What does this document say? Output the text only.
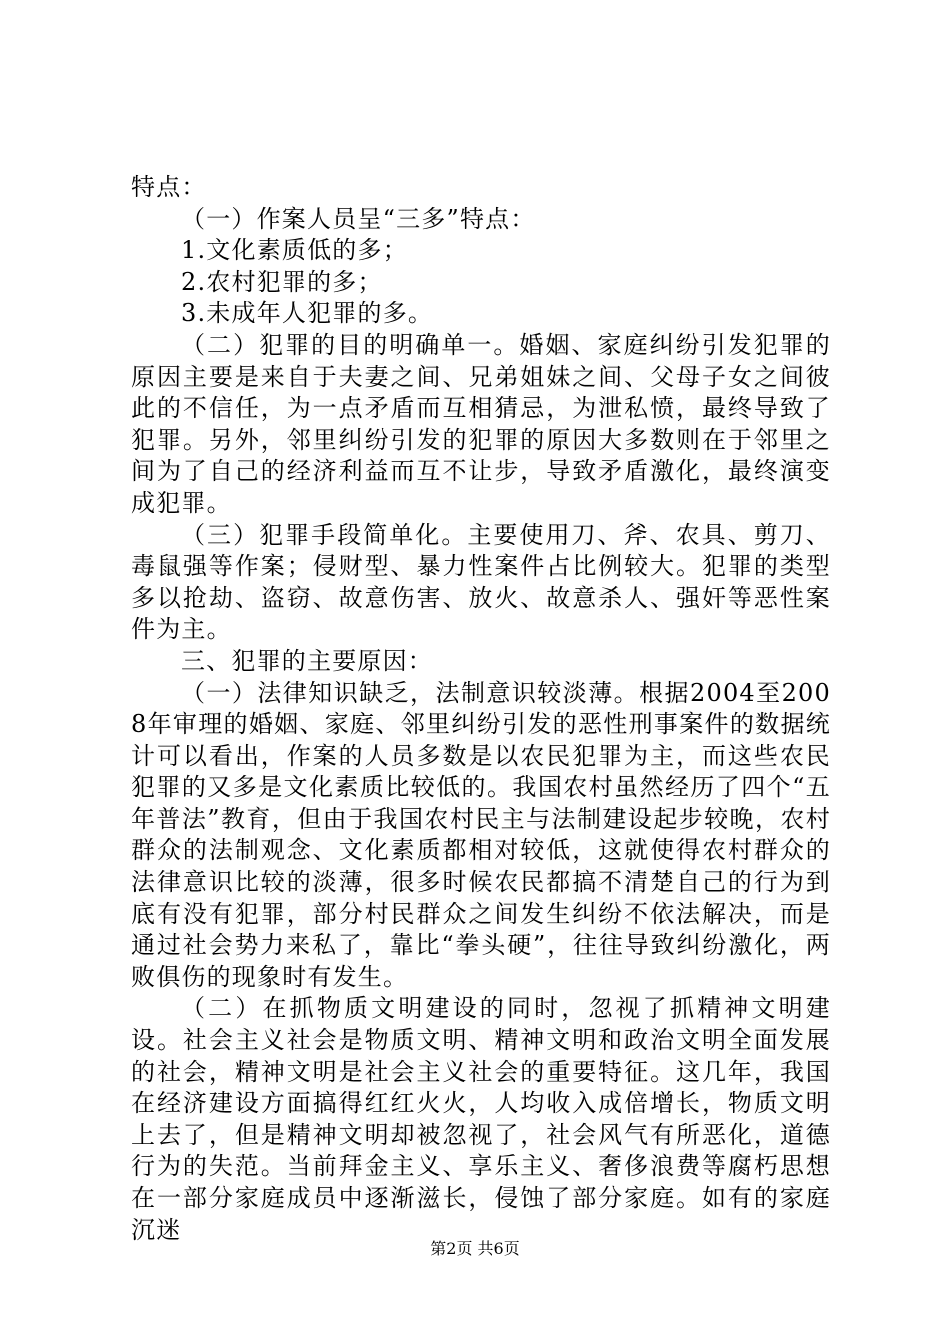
特点：

（一）作案人员呈“三多”特点：

1.文化素质低的多；

2.农村犯罪的多；

3.未成年人犯罪的多。

（二）犯罪的目的明确单一。婚姻、家庭纠纷引发犯罪的原因主要是来自于夫妻之间、兄弟姐妹之间、父母子女之间彼此的不信任，为一点矛盾而互相猜忌，为泄私愤，最终导致了犯罪。另外，邻里纠纷引发的犯罪的原因大多数则在于邻里之间为了自己的经济利益而互不让步，导致矛盾激化，最终演变成犯罪。

（三）犯罪手段简单化。主要使用刀、斧、农具、剪刀、毒鼠强等作案；侵财型、暴力性案件占比例较大。犯罪的类型多以抢劫、盗窃、故意伤害、放火、故意杀人、强奸等恶性案件为主。

三、犯罪的主要原因：

（一）法律知识缺乏，法制意识较淡薄。根据2004至2008年审理的婚姻、家庭、邻里纠纷引发的恶性刑事案件的数据统计可以看出，作案的人员多数是以农民犯罪为主，而这些农民犯罪的又多是文化素质比较低的。我国农村虽然经历了四个“五年普法”教育，但由于我国农村民主与法制建设起步较晚，农村群众的法制观念、文化素质都相对较低，这就使得农村群众的法律意识比较的淡薄，很多时候农民都搞不清楚自己的行为到底有没有犯罪，部分村民群众之间发生纠纷不依法解决，而是通过社会势力来私了，靠比“拳头硬”，往往导致纠纷激化，两败俱伤的现象时有发生。

（二）在抓物质文明建设的同时，忽视了抓精神文明建设。社会主义社会是物质文明、精神文明和政治文明全面发展的社会，精神文明是社会主义社会的重要特征。这几年，我国在经济建设方面搞得红红火火，人均收入成倍增长，物质文明上去了，但是精神文明却被忽视了，社会风气有所恶化，道德行为的失范。当前拜金主义、享乐主义、奢侈浪费等腐朽思想在一部分家庭成员中逐渐滋长，侵蚀了部分家庭。如有的家庭沉迷

第2页 共6页
